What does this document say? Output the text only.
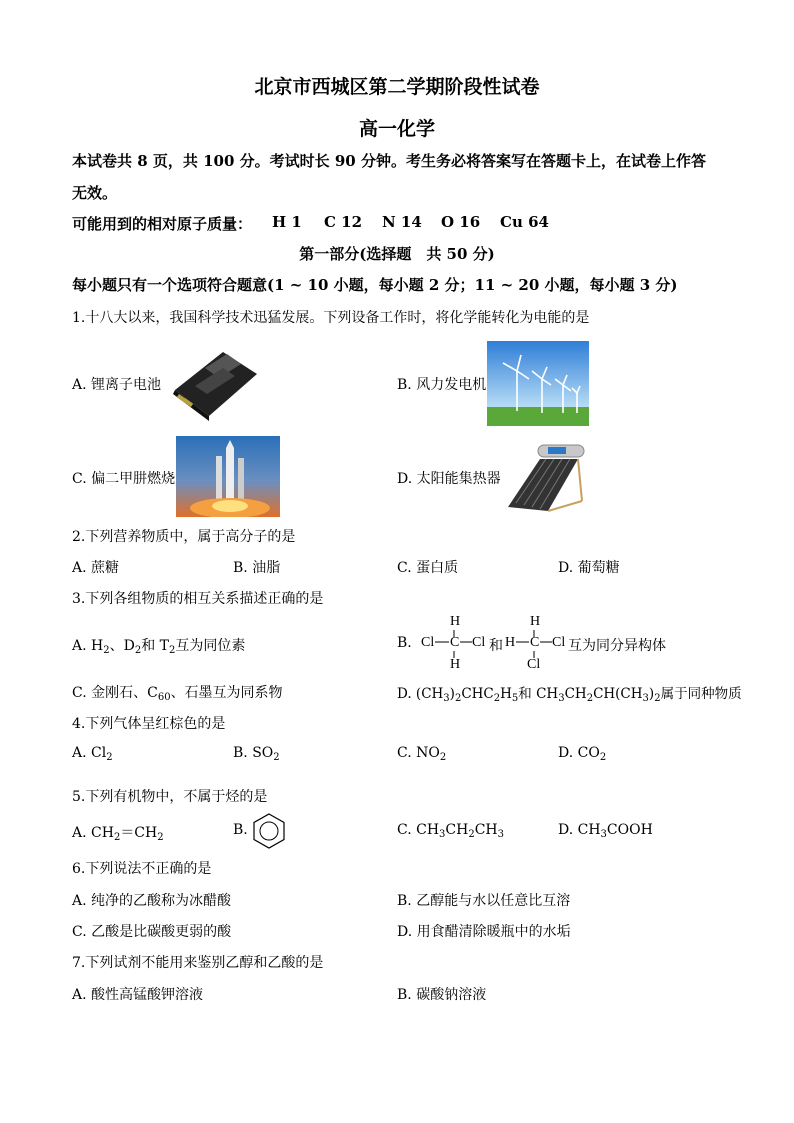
北京市西城区第二学期阶段性试卷
高一化学
本试卷共 8 页，共 100 分。考试时长 90 分钟。考生务必将答案写在答题卡上，在试卷上作答
无效。
可能用到的相对原子质量： H 1 C 12 N 14 O 16 Cu 64
第一部分(选择题　共 50 分)
每小题只有一个选项符合题意(1 ~ 10 小题，每小题 2 分；11 ~ 20 小题，每小题 3 分)
1.十八大以来，我国科学技术迅猛发展。下列设备工作时，将化学能转化为电能的是
A. 锂离子电池	B. 风力发电机
C. 偏二甲肼燃烧	D. 太阳能集热器
2.下列营养物质中，属于高分子的是
A. 蔗糖	B. 油脂	C. 蛋白质	D. 葡萄糖
3.下列各组物质的相互关系描述正确的是
A. $H_2$、$D_2$和 $T_2$互为同位素	B.
H
Cl C Cl
H
和
H
H C Cl
Cl
互为同分异构体
C. 金刚石、$C_{60}$、石墨互为同系物	D. $(CH_3)_2CHC_2H_5$和 $CH_3CH_2CH(CH_3)_2$属于同种物质
4.下列气体呈红棕色的是
A. $Cl_2$	B. $SO_2$	C. $NO_2$	D. $CO_2$
5.下列有机物中，不属于烃的是
A. $CH_2=CH_2$	B.	C. $CH_3CH_2CH_3$	D. $CH_3COOH$
6.下列说法不正确的是
A. 纯净的乙酸称为冰醋酸	B. 乙醇能与水以任意比互溶
C. 乙酸是比碳酸更弱的酸	D. 用食醋清除暖瓶中的水垢
7.下列试剂不能用来鉴别乙醇和乙酸的是
A. 酸性高锰酸钾溶液	B. 碳酸钠溶液
